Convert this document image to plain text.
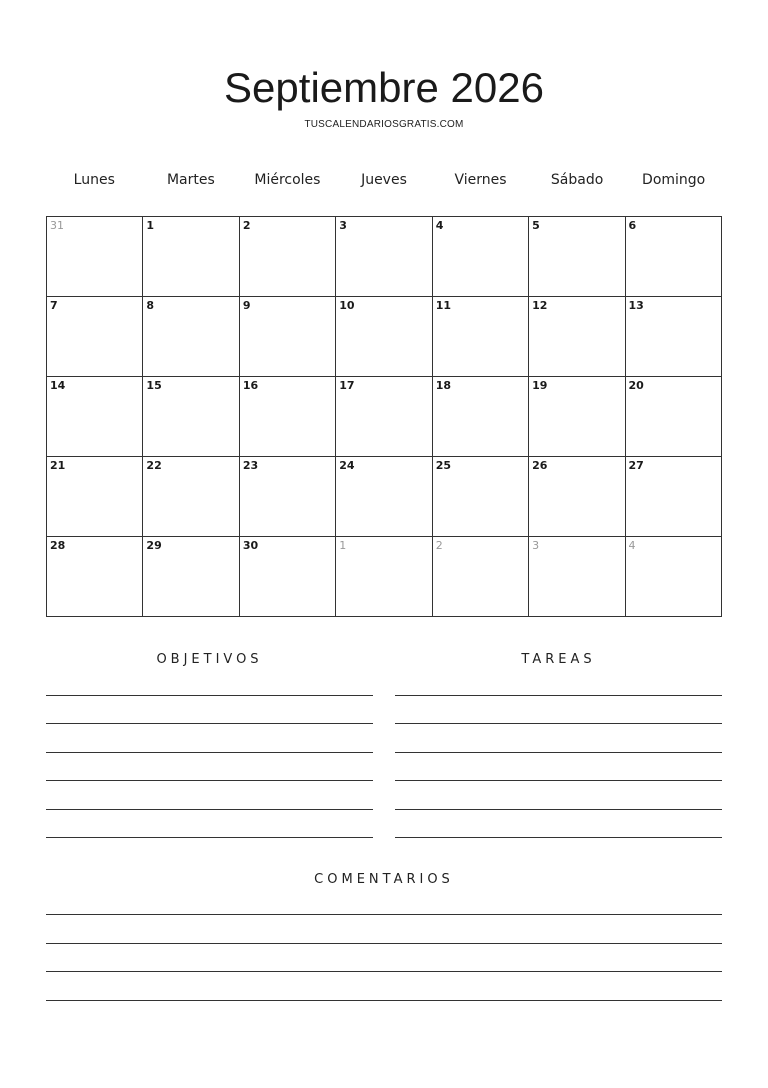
Septiembre 2026
TUSCALENDARIOSGRATIS.COM
Lunes	Martes	Miércoles	Jueves	Viernes	Sábado	Domingo
31	1	2	3	4	5	6
7	8	9	10	11	12	13
14	15	16	17	18	19	20
21	22	23	24	25	26	27
28	29	30	1	2	3	4
OBJETIVOS	TAREAS
COMENTARIOS
